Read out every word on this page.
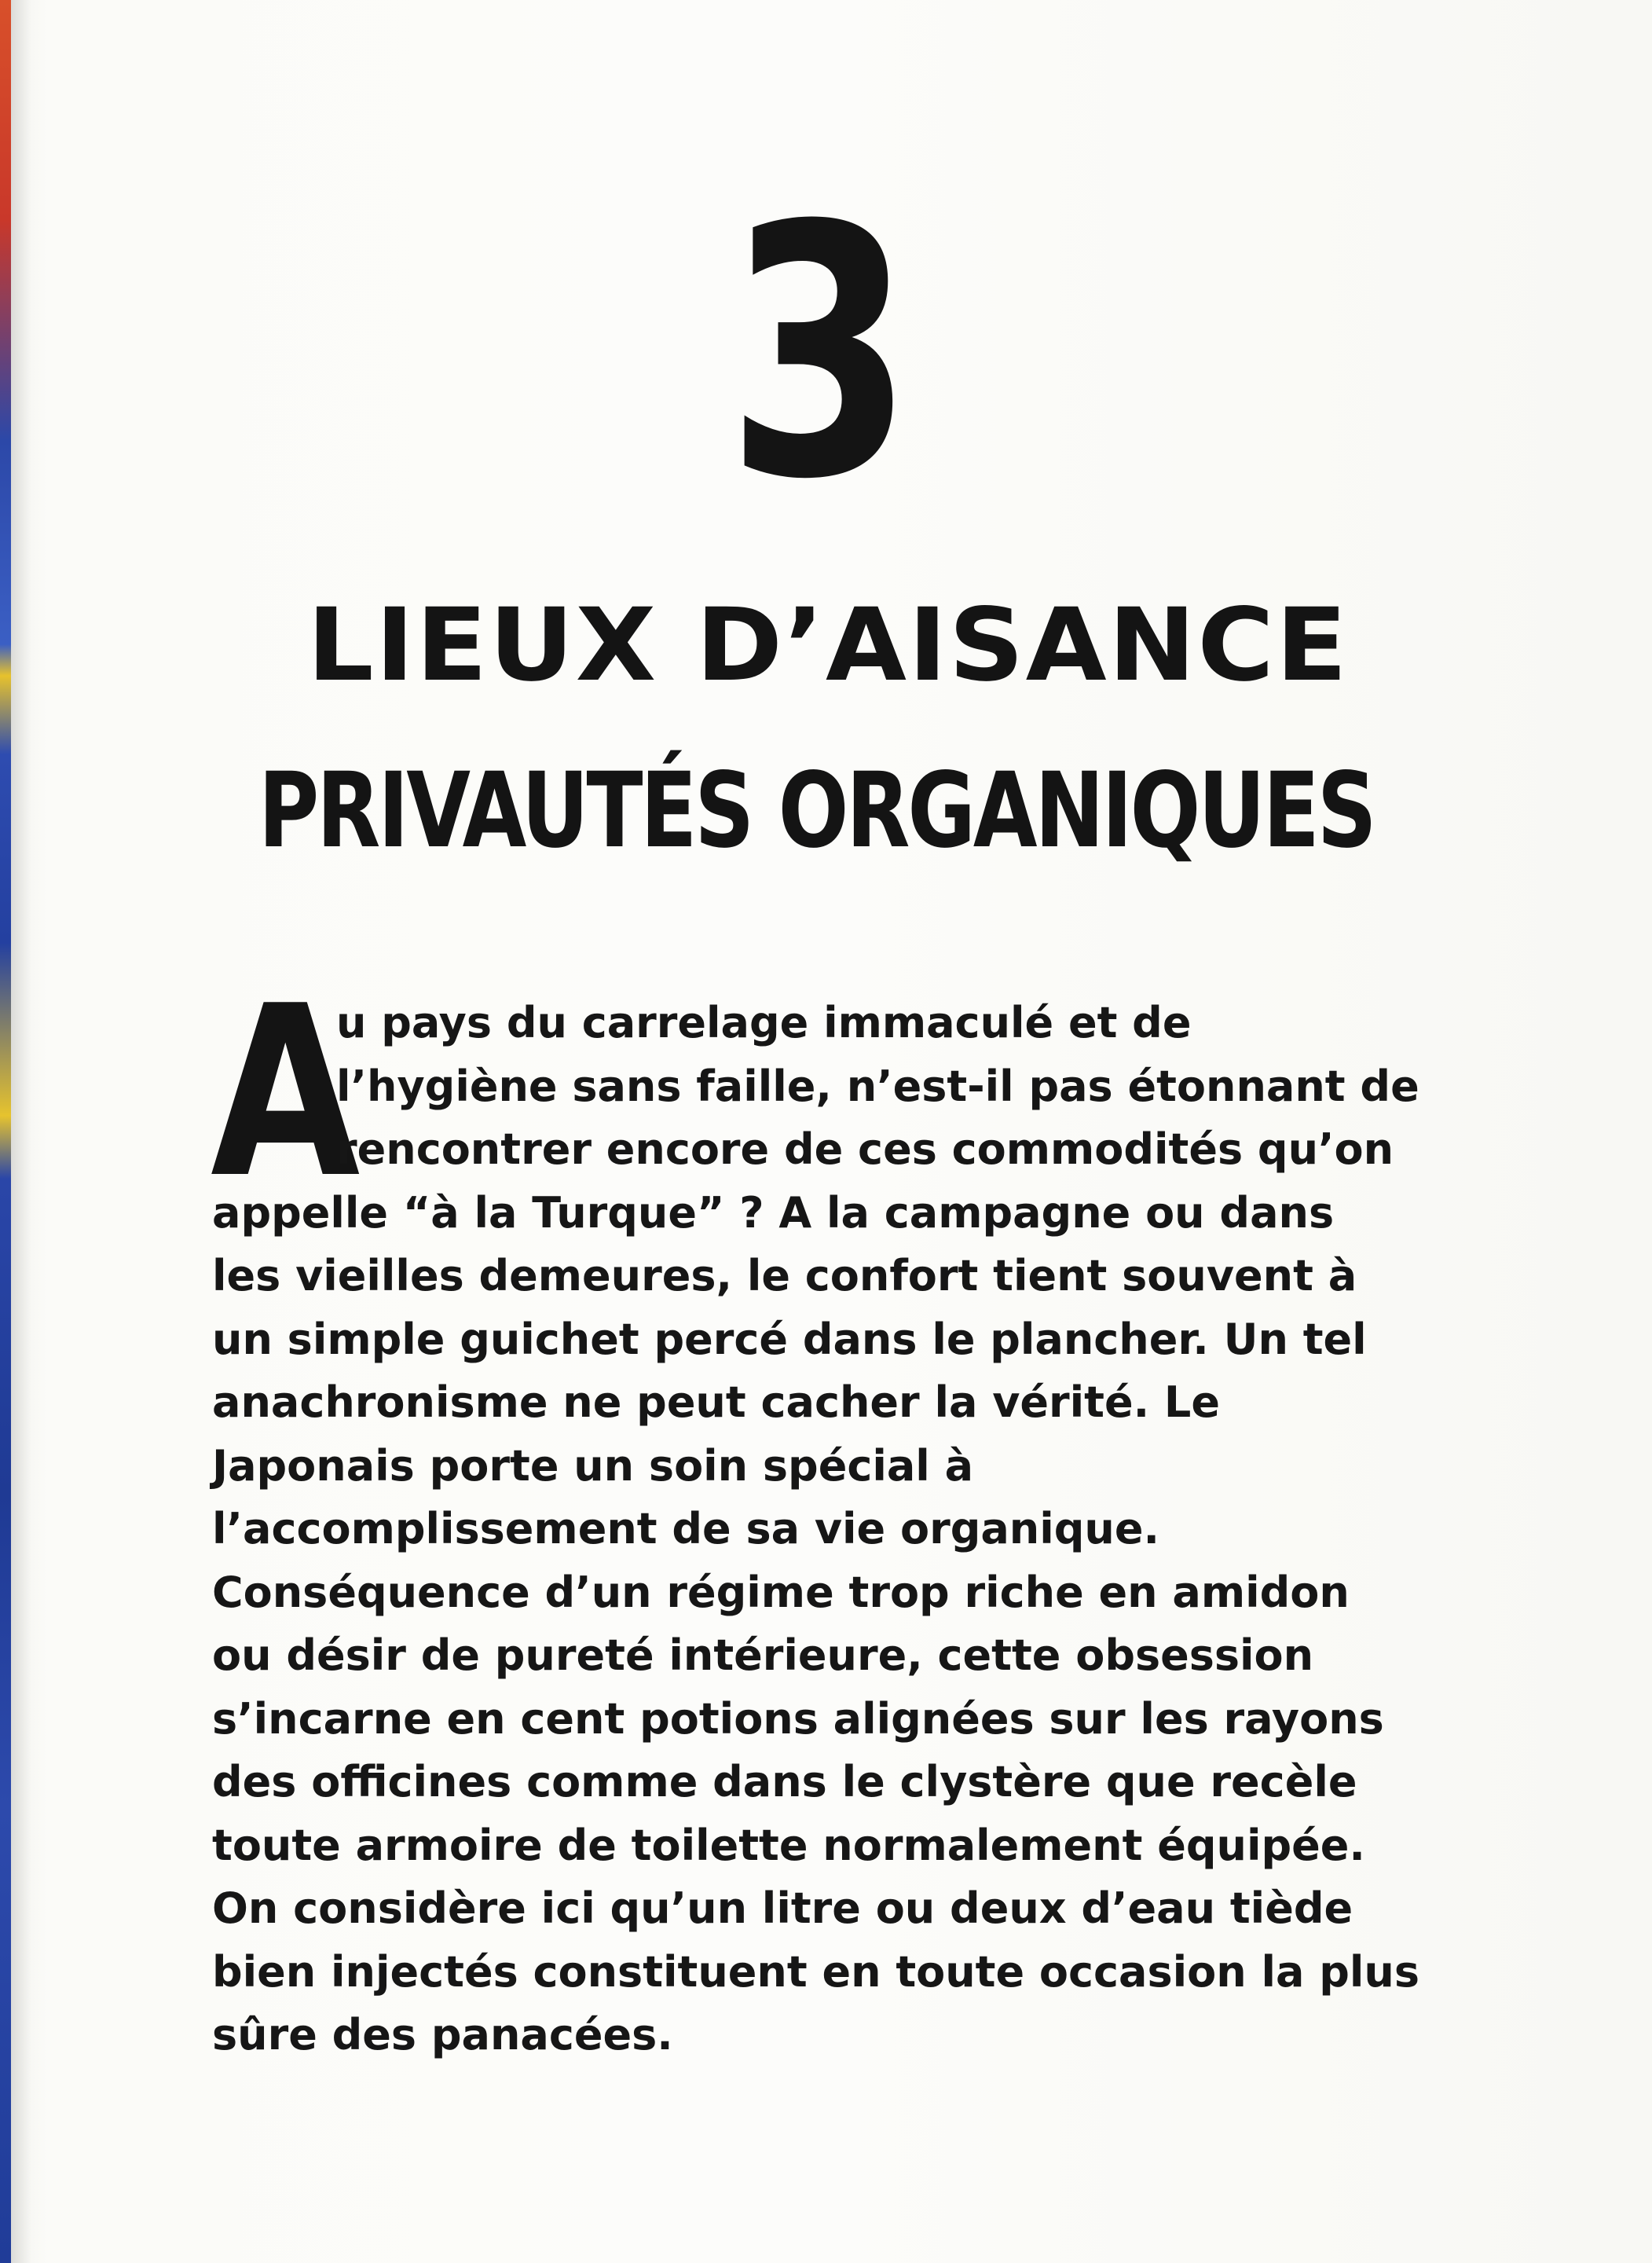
3
LIEUX D’AISANCE
PRIVAUTÉS ORGANIQUES
A
u pays du carrelage immaculé et de
l’hygiène sans faille, n’est-il pas étonnant de
rencontrer encore de ces commodités qu’on
appelle “à la Turque” ? A la campagne ou dans
les vieilles demeures, le confort tient souvent à
un simple guichet percé dans le plancher. Un tel
anachronisme ne peut cacher la vérité. Le
Japonais porte un soin spécial à
l’accomplissement de sa vie organique.
Conséquence d’un régime trop riche en amidon
ou désir de pureté intérieure, cette obsession
s’incarne en cent potions alignées sur les rayons
des officines comme dans le clystère que recèle
toute armoire de toilette normalement équipée.
On considère ici qu’un litre ou deux d’eau tiède
bien injectés constituent en toute occasion la plus
sûre des panacées.
